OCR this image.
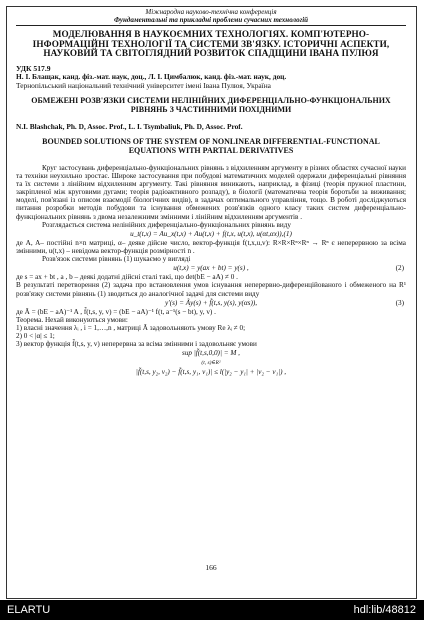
Міжнародна науково-технічна конференція
Фундаментальні та прикладні проблеми сучасних технологій
МОДЕЛЮВАННЯ В НАУКОЄМНИХ ТЕХНОЛОГІЯХ. КОМП'ЮТЕРНО-ІНФОРМАЦІЙНІ ТЕХНОЛОГІЇ ТА СИСТЕМИ ЗВ'ЯЗКУ. ІСТОРИЧНІ АСПЕКТИ, НАУКОВИЙ ТА СВІТОГЛЯДНИЙ РОЗВИТОК СПАДЩИНИ ІВАНА ПУЛЮЯ
УДК 517.9
Н. І. Блащак, канд. фіз.-мат. наук, доц., Л. І. Цимбалюк, канд. фіз.-мат. наук, доц.
Тернопільський національний технічний університет імені Івана Пулюя, Україна
ОБМЕЖЕНІ РОЗВ'ЯЗКИ СИСТЕМИ НЕЛІНІЙНИХ ДИФЕРЕНЦІАЛЬНО-ФУНКЦІОНАЛЬНИХ РІВНЯНЬ З ЧАСТИННИМИ ПОХІДНИМИ
N.I. Blashchak, Ph. D, Assoc. Prof., L. I. Tsymbaliuk, Ph. D, Assoc. Prof.
BOUNDED SOLUTIONS OF THE SYSTEM OF NONLINEAR DIFFERENTIAL-FUNCTIONAL EQUATIONS WITH PARTIAL DERIVATIVES

Круг застосувань диференціально-функціональних рівнянь з відхиленням аргументу в різних областях сучасної науки та техніки неухильно зростає. Широке застосування при побудові математичних моделей одержали диференціальні рівняння та їх системи з лінійним відхиленням аргументу. Такі рівняння виникають, наприклад, в фізиці (теорія пружної пластини, закріпленої між круговими дугами; теорія радіоактивного розпаду), в біології (математична теорія боротьби за виживання; моделі, пов'язані із описом взаємодії біологічних видів), в задачах оптимального управління, тощо. В роботі досліджуються питання розробки методів побудови та існування обмежених розв'язків одного класу таких систем диференціально-функціональних рівнянь з двома незалежними змінними і лінійним відхиленням аргументів .

Розглядається система нелінійних диференціально-функціональних рівнянь виду

u_t(t,x) = Au_x(t,x) + Au(t,x) + f(t,x, u(t,x), u(αt,αx)),(1)

де A, A– постійні n×n матриці, α– деяке дійсне число, вектор-функція f(t,x,u,v): R×R×Rⁿ×Rⁿ → Rⁿ є неперервною за всіма змінними, u(t,x) – невідома вектор-функція розмірності n .

Розв'язок системи рівнянь (1) шукаємо у вигляді

u(t,x) = y(ax + bt) = y(s) ,	(2)

де s = ax + bt , a , b – деякі додатні дійсні сталі такі, що det(bE − aA) ≠ 0 .

В результаті перетворення (2) задача про встановлення умов існування неперервно-диференційованого і обмеженого на R¹ розв'язку системи рівнянь (1) зводиться до аналогічної задачі для системи виду

y′(s) = Ãy(s) + f̃(t,s, y(s), y(αs)),	(3)

де Ã = (bE − aA)⁻¹ A , f̃(t,s, y, v) = (bE − aA)⁻¹ f(t, a⁻¹(s − bt), y, v) .

Теорема. Нехай виконуються умови:

1) власні значення λᵢ , i = 1,…,n , матриці Ã задовольняють умову Re λᵢ ≠ 0;

2) 0 < |α| ≤ 1;

3) вектор функція f̃(t,s, y, v) неперервна за всіма змінними і задовольняє умови

sup |f̃(t,s,0,0)| = M ,
(t, s)∈R²
|f̃(t,s, y₂, v₂) − f̃(t,s, y₁, v₁)| ≤ l(|y₂ − y₁| + |v₂ − v₁|) ,
166
ELARTU	hdl:lib/48812
